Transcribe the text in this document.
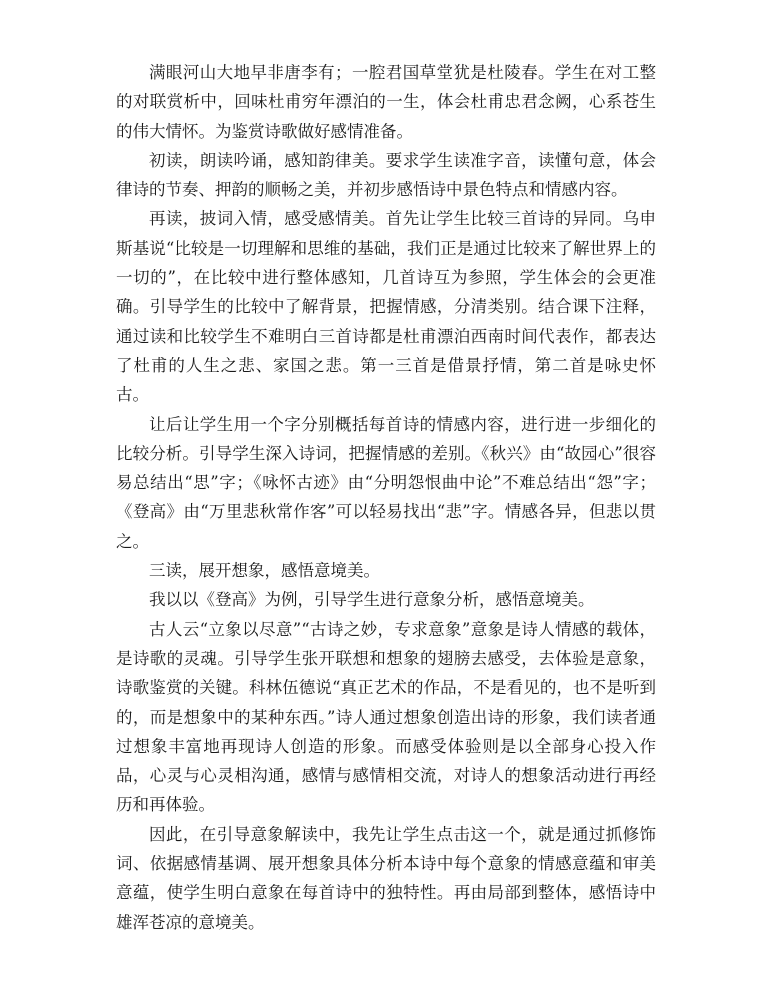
满眼河山大地早非唐李有；一腔君国草堂犹是杜陵春。学生在对工整的对联赏析中，回味杜甫穷年漂泊的一生，体会杜甫忠君念阙，心系苍生的伟大情怀。为鉴赏诗歌做好感情准备。

初读，朗读吟诵，感知韵律美。要求学生读准字音，读懂句意，体会律诗的节奏、押韵的顺畅之美，并初步感悟诗中景色特点和情感内容。

再读，披词入情，感受感情美。首先让学生比较三首诗的异同。乌申斯基说“比较是一切理解和思维的基础，我们正是通过比较来了解世界上的一切的”，在比较中进行整体感知，几首诗互为参照，学生体会的会更准确。引导学生的比较中了解背景，把握情感，分清类别。结合课下注释，通过读和比较学生不难明白三首诗都是杜甫漂泊西南时间代表作，都表达了杜甫的人生之悲、家国之悲。第一三首是借景抒情，第二首是咏史怀古。

让后让学生用一个字分别概括每首诗的情感内容，进行进一步细化的比较分析。引导学生深入诗词，把握情感的差别。《秋兴》由“故园心”很容易总结出“思”字；《咏怀古迹》由“分明怨恨曲中论”不难总结出“怨”字；《登高》由“万里悲秋常作客”可以轻易找出“悲”字。情感各异，但悲以贯之。

三读，展开想象，感悟意境美。

我以以《登高》为例，引导学生进行意象分析，感悟意境美。

古人云“立象以尽意”“古诗之妙，专求意象”意象是诗人情感的载体，是诗歌的灵魂。引导学生张开联想和想象的翅膀去感受，去体验是意象，诗歌鉴赏的关键。科林伍德说“真正艺术的作品，不是看见的，也不是听到的，而是想象中的某种东西。”诗人通过想象创造出诗的形象，我们读者通过想象丰富地再现诗人创造的形象。而感受体验则是以全部身心投入作品，心灵与心灵相沟通，感情与感情相交流，对诗人的想象活动进行再经历和再体验。

因此，在引导意象解读中，我先让学生点击这一个，就是通过抓修饰词、依据感情基调、展开想象具体分析本诗中每个意象的情感意蕴和审美意蕴，使学生明白意象在每首诗中的独特性。再由局部到整体，感悟诗中雄浑苍凉的意境美。
